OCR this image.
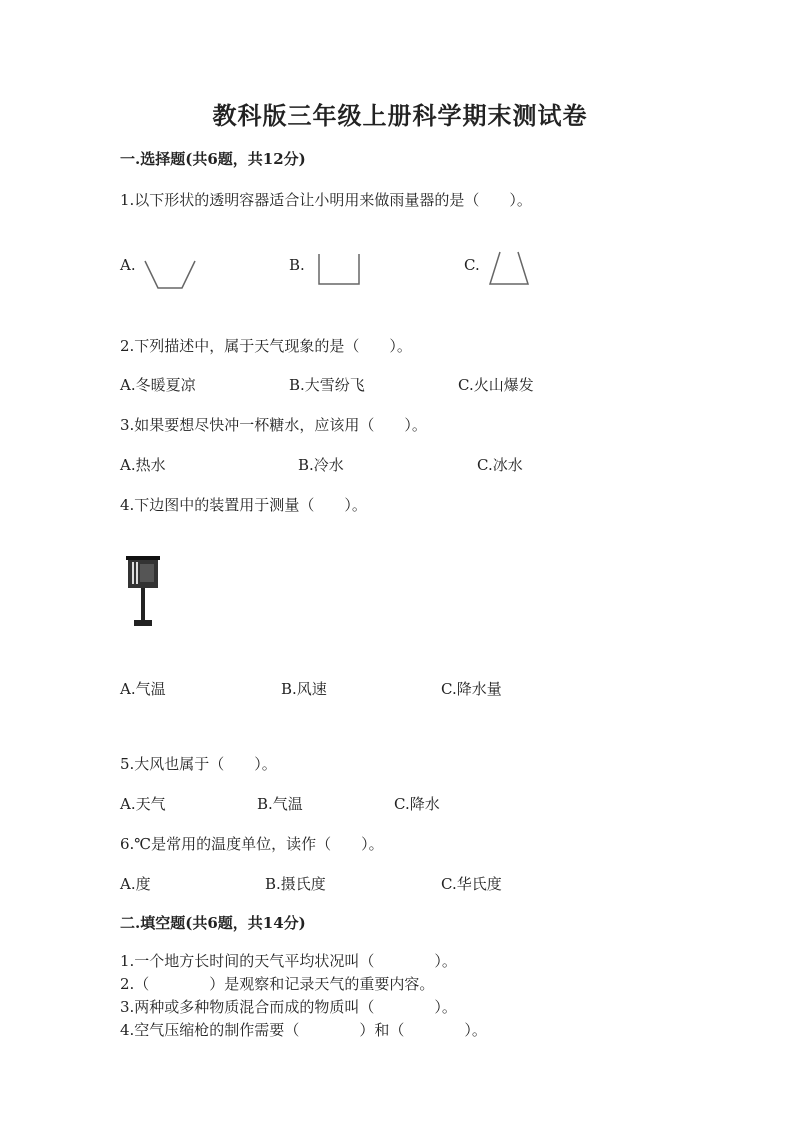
教科版三年级上册科学期末测试卷
一.选择题(共6题，共12分)
1.以下形状的透明容器适合让小明用来做雨量器的是（　　）。
A.	B.	C.
2.下列描述中，属于天气现象的是（　　）。
A.冬暖夏凉	B.大雪纷飞	C.火山爆发
3.如果要想尽快冲一杯糖水，应该用（　　）。
A.热水	B.冷水	C.冰水
4.下边图中的装置用于测量（　　）。
A.气温	B.风速	C.降水量
5.大风也属于（　　）。
A.天气	B.气温	C.降水
6.℃是常用的温度单位，读作（　　）。
A.度	B.摄氏度	C.华氏度
二.填空题(共6题，共14分)
1.一个地方长时间的天气平均状况叫（　　　　）。
2.（　　　　）是观察和记录天气的重要内容。
3.两种或多种物质混合而成的物质叫（　　　　）。
4.空气压缩枪的制作需要（　　　　）和（　　　　）。
